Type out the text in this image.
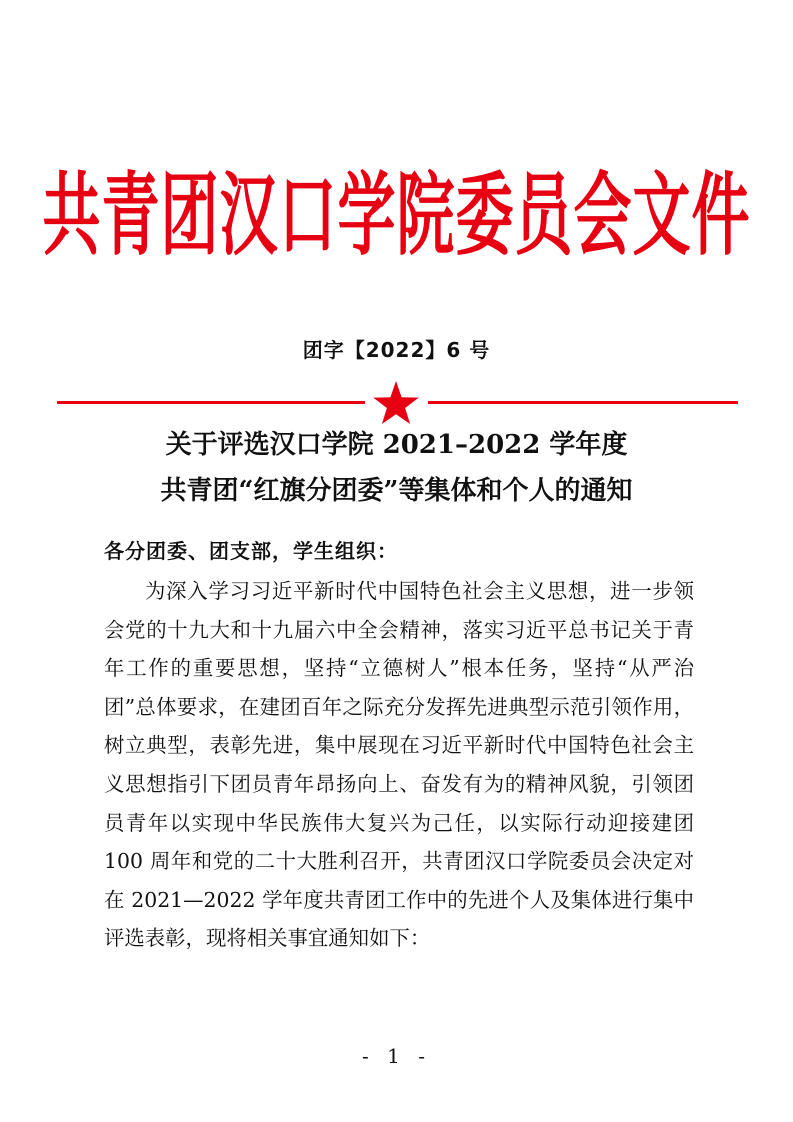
共青团汉口学院委员会文件
团字【2022】6 号
关于评选汉口学院 2021–2022 学年度
共青团“红旗分团委”等集体和个人的通知
各分团委、团支部，学生组织：
为深入学习习近平新时代中国特色社会主义思想，进一步领
会党的十九大和十九届六中全会精神，落实习近平总书记关于青
年工作的重要思想，坚持“立德树人”根本任务，坚持“从严治
团”总体要求，在建团百年之际充分发挥先进典型示范引领作用，
树立典型，表彰先进，集中展现在习近平新时代中国特色社会主
义思想指引下团员青年昂扬向上、奋发有为的精神风貌，引领团
员青年以实现中华民族伟大复兴为己任，以实际行动迎接建团
100 周年和党的二十大胜利召开，共青团汉口学院委员会决定对
在 2021—2022 学年度共青团工作中的先进个人及集体进行集中
评选表彰，现将相关事宜通知如下：
- 1 -
